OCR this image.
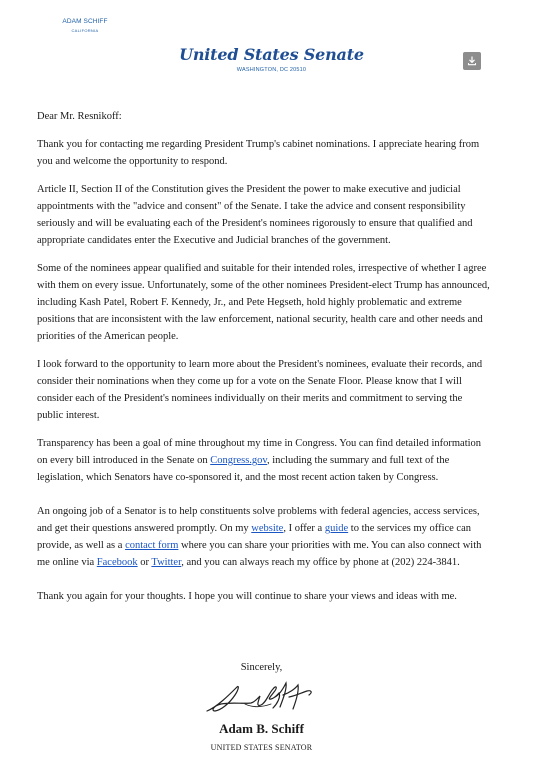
ADAM SCHIFF
CALIFORNIA
United States Senate
WASHINGTON, DC 20510

Dear Mr. Resnikoff:

Thank you for contacting me regarding President Trump's cabinet nominations. I appreciate hearing from you and welcome the opportunity to respond.

Article II, Section II of the Constitution gives the President the power to make executive and judicial appointments with the "advice and consent" of the Senate. I take the advice and consent responsibility seriously and will be evaluating each of the President's nominees rigorously to ensure that qualified and appropriate candidates enter the Executive and Judicial branches of the government.

Some of the nominees appear qualified and suitable for their intended roles, irrespective of whether I agree with them on every issue. Unfortunately, some of the other nominees President-elect Trump has announced, including Kash Patel, Robert F. Kennedy, Jr., and Pete Hegseth, hold highly problematic and extreme positions that are inconsistent with the law enforcement, national security, health care and other needs and priorities of the American people.

I look forward to the opportunity to learn more about the President's nominees, evaluate their records, and consider their nominations when they come up for a vote on the Senate Floor. Please know that I will consider each of the President's nominees individually on their merits and commitment to serving the public interest.

Transparency has been a goal of mine throughout my time in Congress. You can find detailed information on every bill introduced in the Senate on Congress.gov, including the summary and full text of the legislation, which Senators have co-sponsored it, and the most recent action taken by Congress.

An ongoing job of a Senator is to help constituents solve problems with federal agencies, access services, and get their questions answered promptly. On my website, I offer a guide to the services my office can provide, as well as a contact form where you can share your priorities with me. You can also connect with me online via Facebook or Twitter, and you can always reach my office by phone at (202) 224-3841.

Thank you again for your thoughts. I hope you will continue to share your views and ideas with me.

Sincerely,
Adam B. Schiff
UNITED STATES SENATOR
